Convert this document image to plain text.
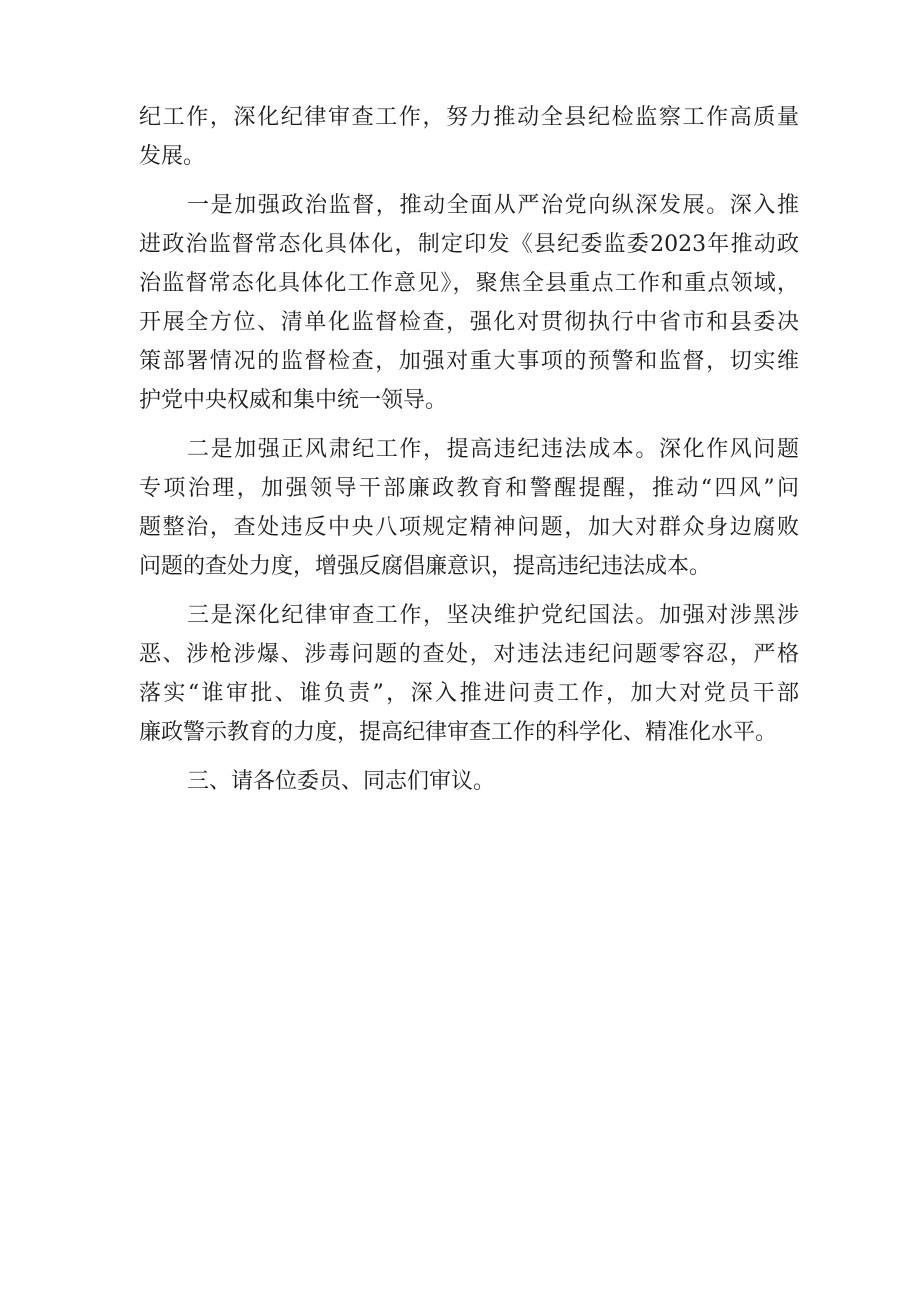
纪工作，深化纪律审查工作，努力推动全县纪检监察工作高质量
发展。
一是加强政治监督，推动全面从严治党向纵深发展。深入推
进政治监督常态化具体化，制定印发《县纪委监委2023年推动政
治监督常态化具体化工作意见》，聚焦全县重点工作和重点领域，
开展全方位、清单化监督检查，强化对贯彻执行中省市和县委决
策部署情况的监督检查，加强对重大事项的预警和监督，切实维
护党中央权威和集中统一领导。
二是加强正风肃纪工作，提高违纪违法成本。深化作风问题
专项治理，加强领导干部廉政教育和警醒提醒，推动“四风”问
题整治，查处违反中央八项规定精神问题，加大对群众身边腐败
问题的查处力度，增强反腐倡廉意识，提高违纪违法成本。
三是深化纪律审查工作，坚决维护党纪国法。加强对涉黑涉
恶、涉枪涉爆、涉毒问题的查处，对违法违纪问题零容忍，严格
落实“谁审批、谁负责”，深入推进问责工作，加大对党员干部
廉政警示教育的力度，提高纪律审查工作的科学化、精准化水平。
三、请各位委员、同志们审议。
